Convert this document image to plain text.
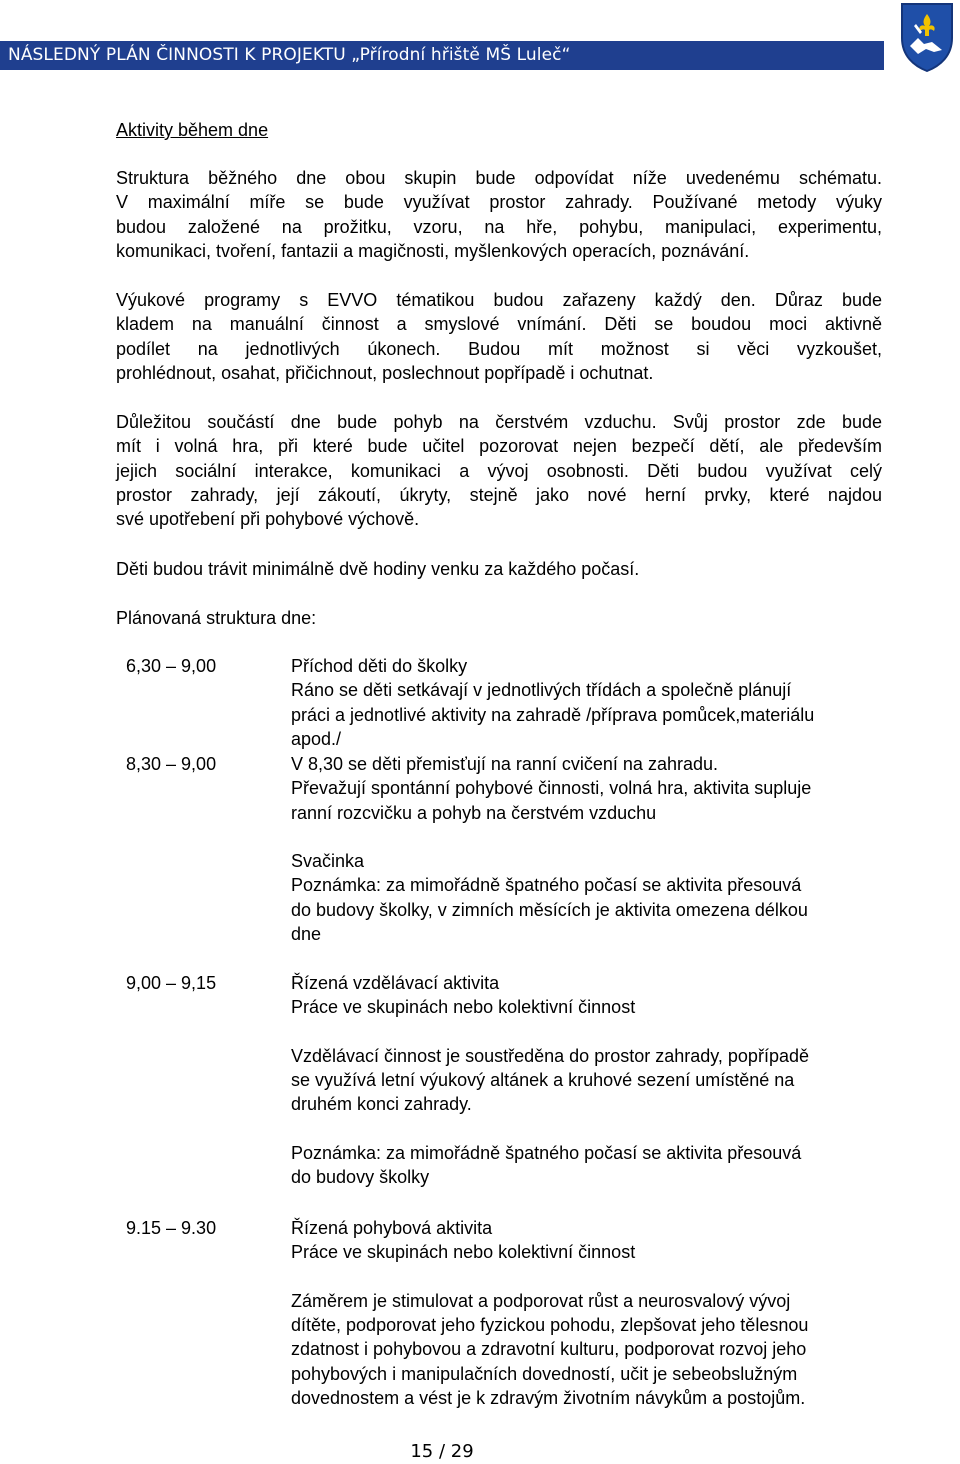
NÁSLEDNÝ PLÁN ČINNOSTI K PROJEKTU „Přírodní hřiště MŠ Luleč“
Aktivity během dne
Struktura běžného dne obou skupin bude odpovídat níže uvedenému schématu.
V maximální míře se bude využívat prostor zahrady. Používané metody výuky
budou založené na prožitku, vzoru, na hře, pohybu, manipulaci, experimentu,
komunikaci, tvoření, fantazii a magičnosti, myšlenkových operacích, poznávání.
Výukové programy s EVVO tématikou budou zařazeny každý den. Důraz bude
kladem na manuální činnost a smyslové vnímání. Děti se boudou moci aktivně
podílet na jednotlivých úkonech. Budou mít možnost si věci vyzkoušet,
prohlédnout, osahat, přičichnout, poslechnout popřípadě i ochutnat.
Důležitou součástí dne bude pohyb na čerstvém vzduchu. Svůj prostor zde bude
mít i volná hra, při které bude učitel pozorovat nejen bezpečí dětí, ale především
jejich sociální interakce, komunikaci a vývoj osobnosti. Děti budou využívat celý
prostor zahrady, její zákoutí, úkryty, stejně jako nové herní prvky, které najdou
své upotřebení při pohybové výchově.
Děti budou trávit minimálně dvě hodiny venku za každého počasí.
Plánovaná struktura dne:
6,30 – 9,00	Příchod děti do školky
Ráno se děti setkávají v jednotlivých třídách a společně plánují
práci a jednotlivé aktivity na zahradě /příprava pomůcek,materiálu
apod./
8,30 – 9,00	V 8,30 se děti přemisťují na ranní cvičení na zahradu.
Převažují spontánní pohybové činnosti, volná hra, aktivita supluje
ranní rozcvičku a pohyb na čerstvém vzduchu
Svačinka
Poznámka: za mimořádně špatného počasí se aktivita přesouvá
do budovy školky, v zimních měsících je aktivita omezena délkou
dne
9,00 – 9,15	Řízená vzdělávací aktivita
Práce ve skupinách nebo kolektivní činnost
Vzdělávací činnost je soustředěna do prostor zahrady, popřípadě
se využívá letní výukový altánek a kruhové sezení umístěné na
druhém konci zahrady.
Poznámka: za mimořádně špatného počasí se aktivita přesouvá
do budovy školky
9.15 – 9.30	Řízená pohybová aktivita
Práce ve skupinách nebo kolektivní činnost
Záměrem je stimulovat a podporovat růst a neurosvalový vývoj
dítěte, podporovat jeho fyzickou pohodu, zlepšovat jeho tělesnou
zdatnost i pohybovou a zdravotní kulturu, podporovat rozvoj jeho
pohybových i manipulačních dovedností, učit je sebeobslužným
dovednostem a vést je k zdravým životním návykům a postojům.
15 / 29
